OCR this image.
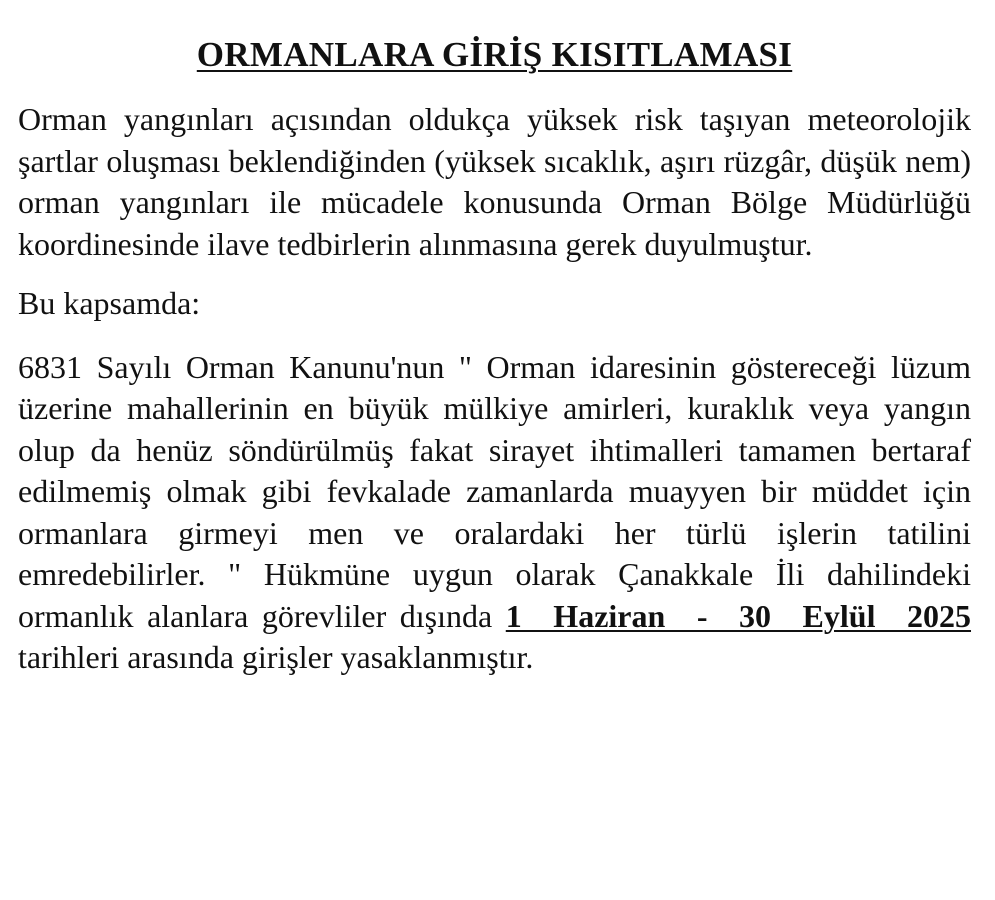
ORMANLARA GİRİŞ KISITLAMASI

Orman yangınları açısından oldukça yüksek risk taşıyan meteorolojik şartlar oluşması beklendiğinden (yüksek sıcaklık, aşırı rüzgâr, düşük nem) orman yangınları ile mücadele konusunda Orman Bölge Müdürlüğü koordinesinde ilave tedbirlerin alınmasına gerek duyulmuştur.

Bu kapsamda:

6831 Sayılı Orman Kanunu'nun " Orman idaresinin göstereceği lüzum üzerine mahallerinin en büyük mülkiye amirleri, kuraklık veya yangın olup da henüz söndürülmüş fakat sirayet ihtimalleri tamamen bertaraf edilmemiş olmak gibi fevkalade zamanlarda muayyen bir müddet için ormanlara girmeyi men ve oralardaki her türlü işlerin tatilini emredebilirler. " Hükmüne uygun olarak Çanakkale İli dahilindeki ormanlık alanlara görevliler dışında 1 Haziran - 30 Eylül 2025 tarihleri arasında girişler yasaklanmıştır.
